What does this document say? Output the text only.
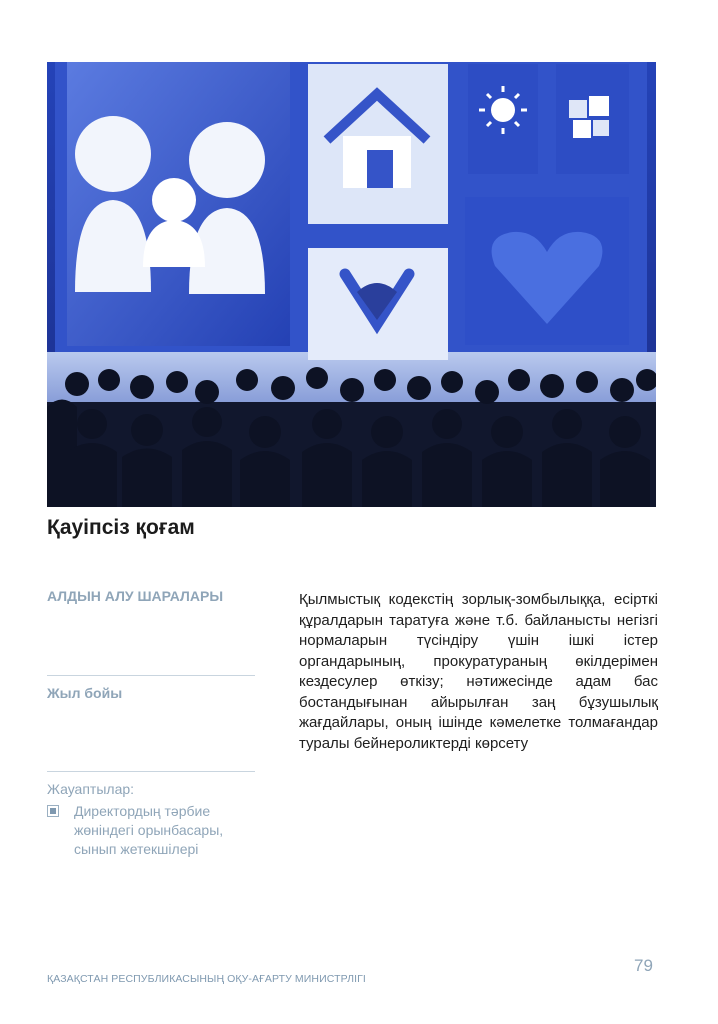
Қауіпсіз қоғам

АЛДЫН АЛУ ШАРАЛАРЫ

Жыл бойы
Жауаптылар:
Директордың тәрбие жөніндегі орынбасары, сынып жетекшілері

Қылмыстық кодекстің зорлық-зомбылыққа, есірткі құралдарын таратуға және т.б. байланысты негізгі нормаларын түсіндіру үшін ішкі істер органдарының, прокуратураның өкілдерімен кездесулер өткізу; нәтижесінде адам бас бостандығынан айырылған заң бұзушылық жағдайлары, оның ішінде кәмелетке толмағандар туралы бейнероликтерді көрсету

79
ҚАЗАҚСТАН РЕСПУБЛИКАСЫНЫҢ ОҚУ-АҒАРТУ МИНИСТРЛІГІ
